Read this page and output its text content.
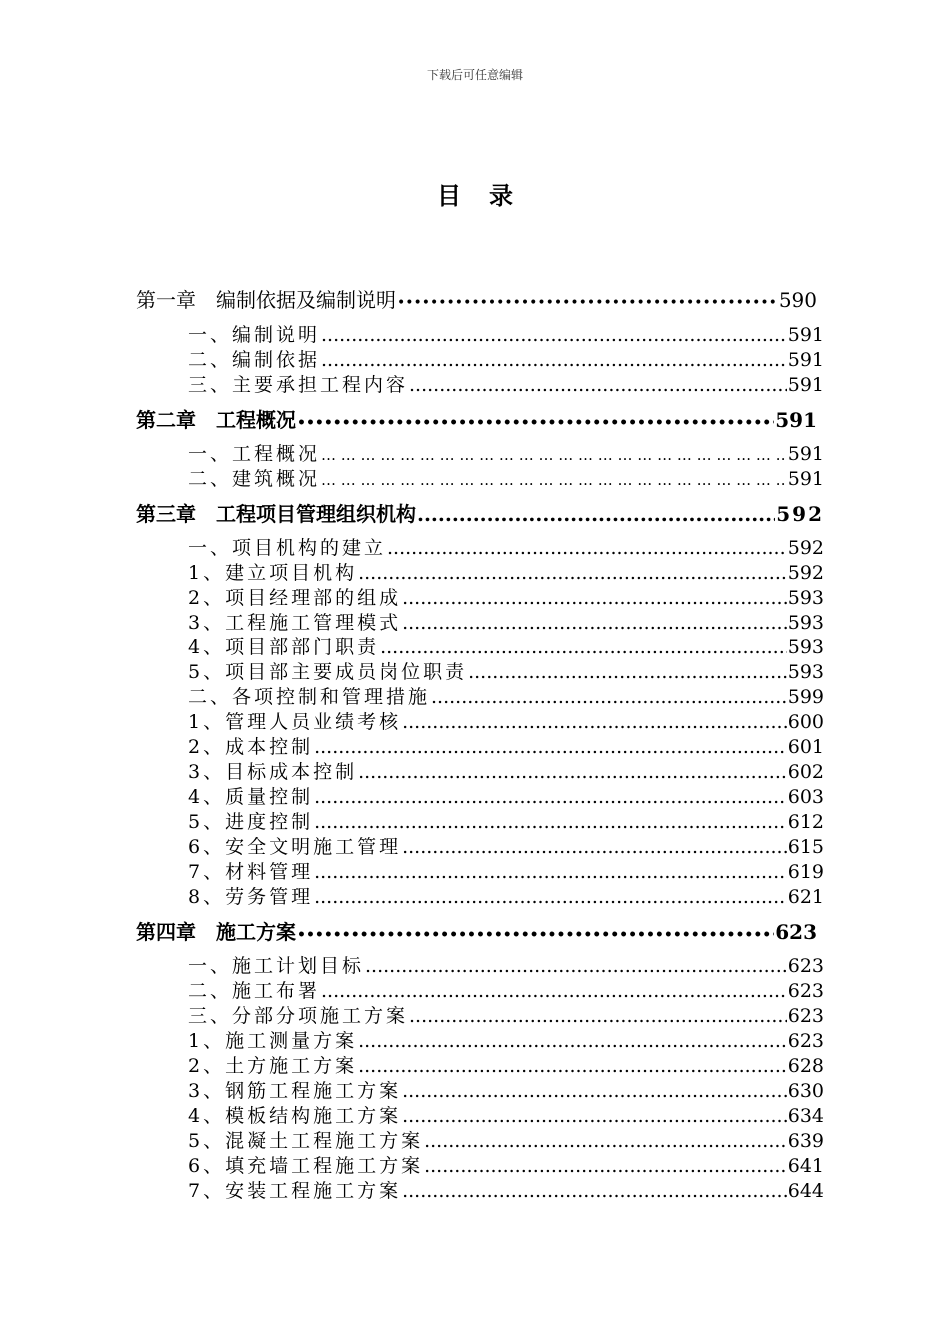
下载后可任意编辑
目录
第一章　编制依据及编制说明 •••••	590
一、编制说明 .....	591
二、编制依据 .....	591
三、主要承担工程内容 .....	591
第二章　工程概况 •••••	591
一、工程概况 … … … … … … … … … … … … … … … … … … … … … … … … … … … … … … … … … … … … … … … … … … … … … … … … … … … … … … … …	591
二、建筑概况 … … … … … … … … … … … … … … … … … … … … … … … … … … … … … … … … … … … … … … … … … … … … … … … … … … … … … … … …	591
第三章　工程项目管理组织机构 .....	592
一、项目机构的建立 .....	592
1、建立项目机构 .....	592
2、项目经理部的组成 .....	593
3、工程施工管理模式 .....	593
4、项目部部门职责 .....	593
5、项目部主要成员岗位职责 .....	593
二、各项控制和管理措施 .....	599
1、管理人员业绩考核 .....	600
2、成本控制 .....	601
3、目标成本控制 .....	602
4、质量控制 .....	603
5、进度控制 .....	612
6、安全文明施工管理 .....	615
7、材料管理 .....	619
8、劳务管理 .....	621
第四章　施工方案 •••••	623
一、施工计划目标 .....	623
二、施工布署 .....	623
三、分部分项施工方案 .....	623
1、施工测量方案 .....	623
2、土方施工方案 .....	628
3、钢筋工程施工方案 .....	630
4、模板结构施工方案 .....	634
5、混凝土工程施工方案 .....	639
6、填充墙工程施工方案 .....	641
7、安装工程施工方案 .....	644
